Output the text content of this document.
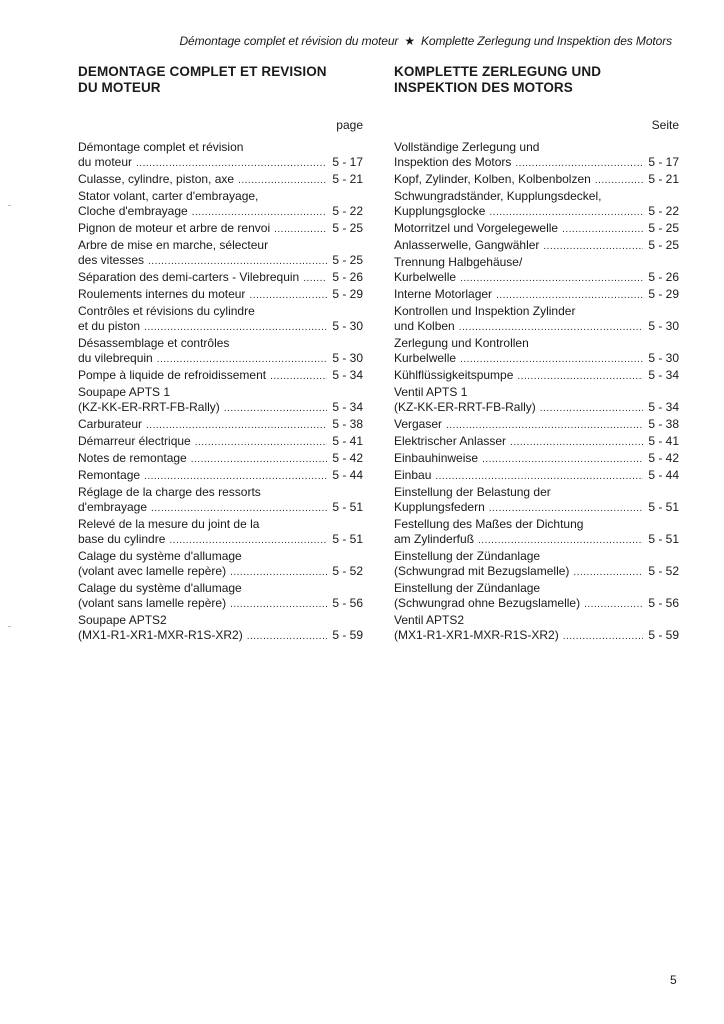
Démontage complet et révision du moteur ★ Komplette Zerlegung und Inspektion des Motors
DEMONTAGE COMPLET ET REVISION
DU MOTEUR
page
Démontage complet et révision
du moteur .....	5 - 17
Culasse, cylindre, piston, axe .....	5 - 21
Stator volant, carter d'embrayage,
Cloche d'embrayage .....	5 - 22
Pignon de moteur et arbre de renvoi .....	5 - 25
Arbre de mise en marche, sélecteur
des vitesses .....	5 - 25
Séparation des demi-carters - Vilebrequin .....	5 - 26
Roulements internes du moteur .....	5 - 29
Contrôles et révisions du cylindre
et du piston .....	5 - 30
Désassemblage et contrôles
du vilebrequin .....	5 - 30
Pompe à liquide de refroidissement .....	5 - 34
Soupape APTS 1
(KZ-KK-ER-RRT-FB-Rally) .....	5 - 34
Carburateur .....	5 - 38
Démarreur électrique .....	5 - 41
Notes de remontage .....	5 - 42
Remontage .....	5 - 44
Réglage de la charge des ressorts
d'embrayage .....	5 - 51
Relevé de la mesure du joint de la
base du cylindre .....	5 - 51
Calage du système d'allumage
(volant avec lamelle repère) .....	5 - 52
Calage du système d'allumage
(volant sans lamelle repère) .....	5 - 56
Soupape APTS2
(MX1-R1-XR1-MXR-R1S-XR2) .....	5 - 59
KOMPLETTE ZERLEGUNG UND
INSPEKTION DES MOTORS
Seite
Vollständige Zerlegung und
Inspektion des Motors .....	5 - 17
Kopf, Zylinder, Kolben, Kolbenbolzen .....	5 - 21
Schwungradständer, Kupplungsdeckel,
Kupplungsglocke .....	5 - 22
Motorritzel und Vorgelegewelle .....	5 - 25
Anlasserwelle, Gangwähler .....	5 - 25
Trennung Halbgehäuse/
Kurbelwelle .....	5 - 26
Interne Motorlager .....	5 - 29
Kontrollen und Inspektion Zylinder
und Kolben .....	5 - 30
Zerlegung und Kontrollen
Kurbelwelle .....	5 - 30
Kühlflüssigkeitspumpe .....	5 - 34
Ventil APTS 1
(KZ-KK-ER-RRT-FB-Rally) .....	5 - 34
Vergaser .....	5 - 38
Elektrischer Anlasser .....	5 - 41
Einbauhinweise .....	5 - 42
Einbau .....	5 - 44
Einstellung der Belastung der
Kupplungsfedern .....	5 - 51
Festellung des Maßes der Dichtung
am Zylinderfuß .....	5 - 51
Einstellung der Zündanlage
(Schwungrad mit Bezugslamelle) .....	5 - 52
Einstellung der Zündanlage
(Schwungrad ohne Bezugslamelle) .....	5 - 56
Ventil APTS2
(MX1-R1-XR1-MXR-R1S-XR2) .....	5 - 59
5
